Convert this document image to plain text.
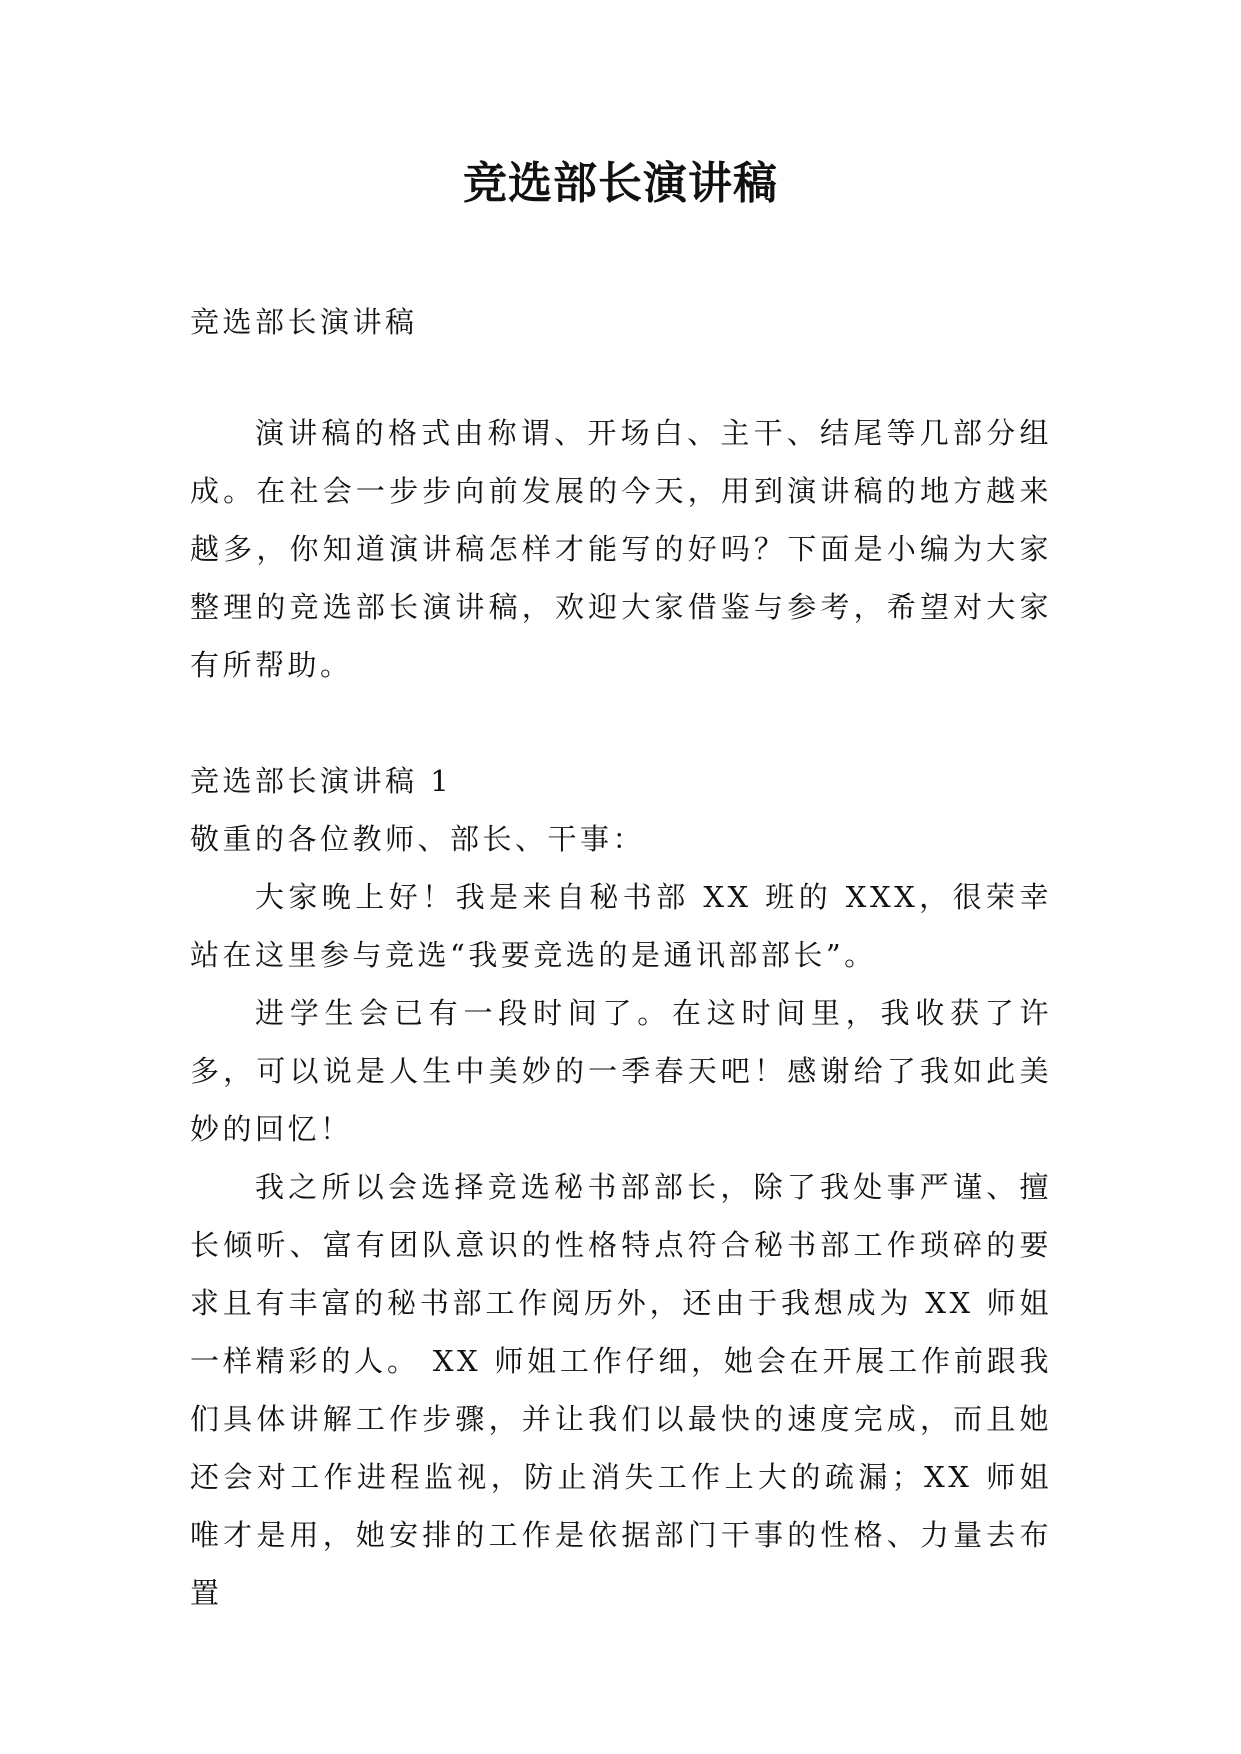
竞选部长演讲稿
竞选部长演讲稿
演讲稿的格式由称谓、开场白、主干、结尾等几部分组成。在社会一步步向前发展的今天，用到演讲稿的地方越来越多，你知道演讲稿怎样才能写的好吗？下面是小编为大家整理的竞选部长演讲稿，欢迎大家借鉴与参考，希望对大家有所帮助。

竞选部长演讲稿 1

敬重的各位教师、部长、干事：

大家晚上好！我是来自秘书部 XX 班的 XXX，很荣幸站在这里参与竞选“我要竞选的是通讯部部长”。

进学生会已有一段时间了。在这时间里，我收获了许多，可以说是人生中美妙的一季春天吧！感谢给了我如此美妙的回忆！

我之所以会选择竞选秘书部部长，除了我处事严谨、擅长倾听、富有团队意识的性格特点符合秘书部工作琐碎的要求且有丰富的秘书部工作阅历外，还由于我想成为 XX 师姐一样精彩的人。 XX 师姐工作仔细，她会在开展工作前跟我们具体讲解工作步骤，并让我们以最快的速度完成，而且她还会对工作进程监视，防止消失工作上大的疏漏；XX 师姐唯才是用，她安排的工作是依据部门干事的性格、力量去布置
